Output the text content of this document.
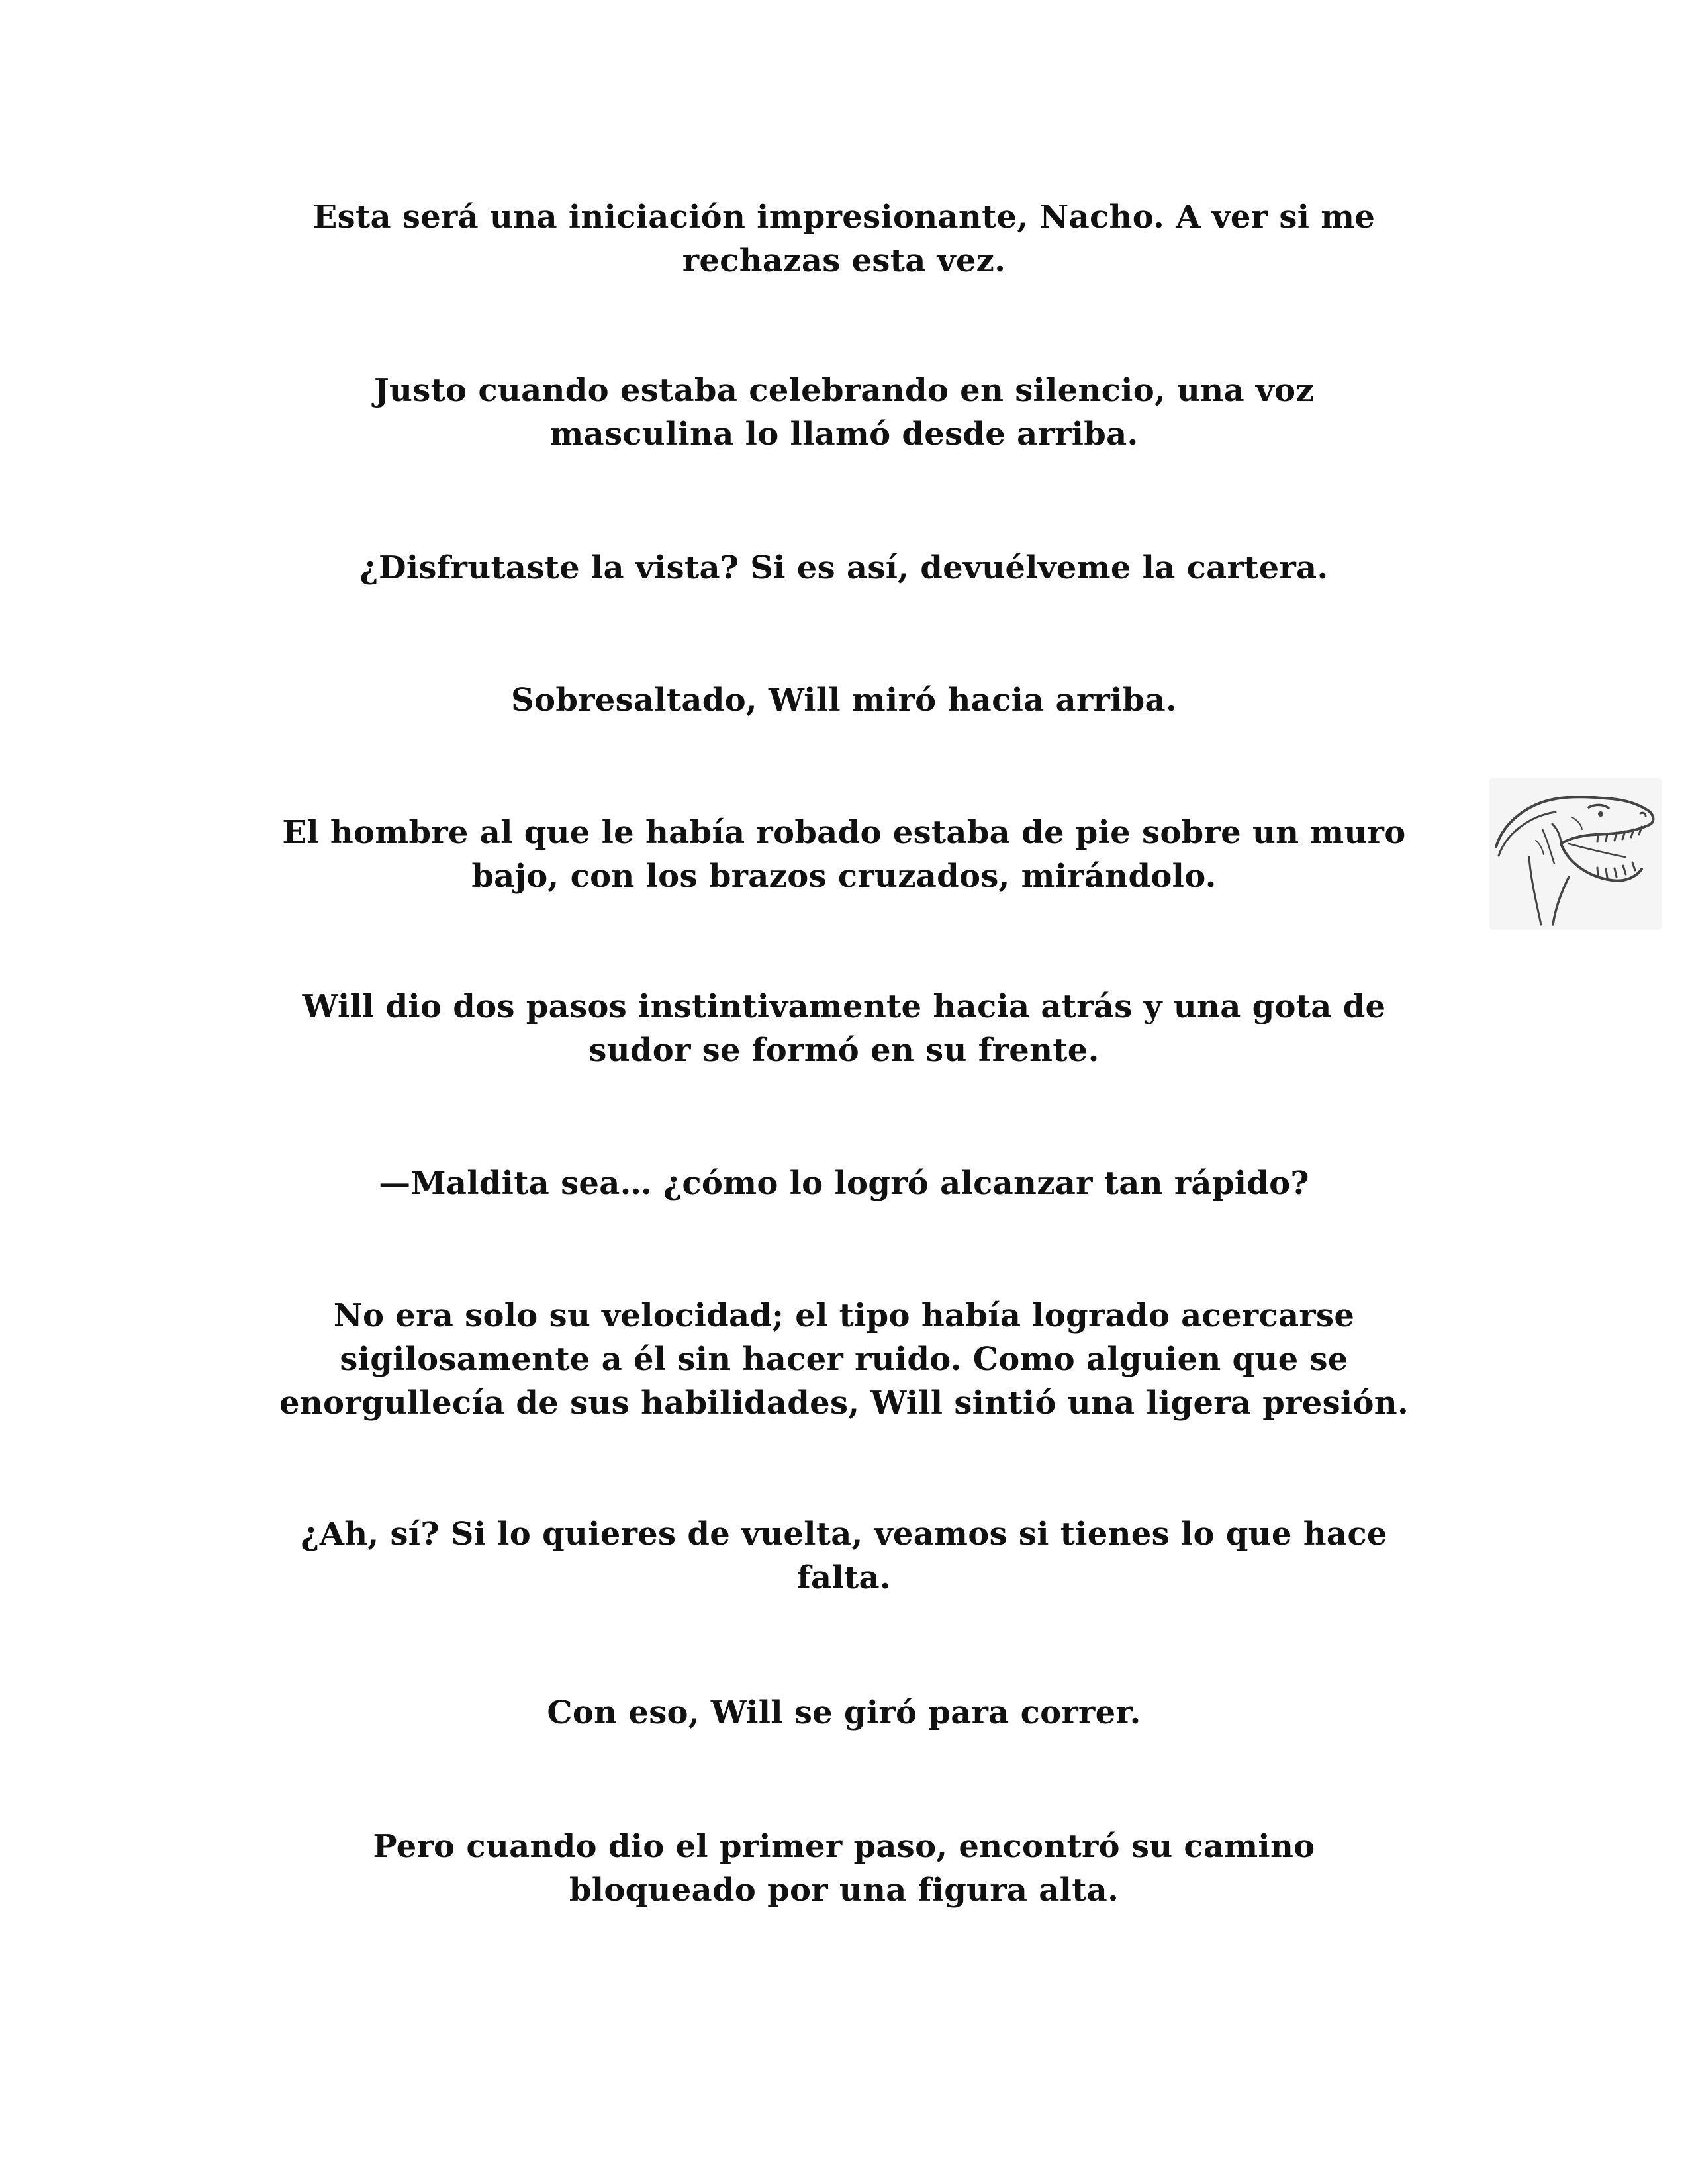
Esta será una iniciación impresionante, Nacho. A ver si me
rechazas esta vez.

Justo cuando estaba celebrando en silencio, una voz
masculina lo llamó desde arriba.

¿Disfrutaste la vista? Si es así, devuélveme la cartera.

Sobresaltado, Will miró hacia arriba.

El hombre al que le había robado estaba de pie sobre un muro
bajo, con los brazos cruzados, mirándolo.

Will dio dos pasos instintivamente hacia atrás y una gota de
sudor se formó en su frente.

—Maldita sea… ¿cómo lo logró alcanzar tan rápido?

No era solo su velocidad; el tipo había logrado acercarse
sigilosamente a él sin hacer ruido. Como alguien que se
enorgullecía de sus habilidades, Will sintió una ligera presión.

¿Ah, sí? Si lo quieres de vuelta, veamos si tienes lo que hace
falta.

Con eso, Will se giró para correr.

Pero cuando dio el primer paso, encontró su camino
bloqueado por una figura alta.
